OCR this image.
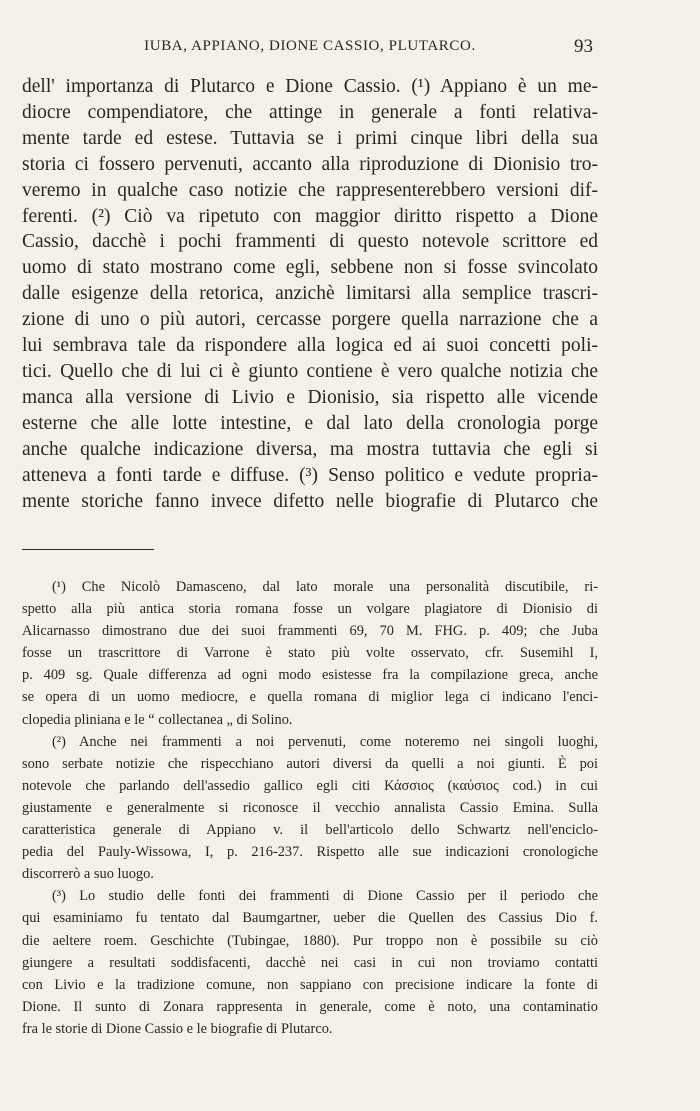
IUBA, APPIANO, DIONE CASSIO, PLUTARCO.	93
dell' importanza di Plutarco e Dione Cassio. (¹) Appiano è un me-
diocre compendiatore, che attinge in generale a fonti relativa-
mente tarde ed estese. Tuttavia se i primi cinque libri della sua
storia ci fossero pervenuti, accanto alla riproduzione di Dionisio tro-
veremo in qualche caso notizie che rappresenterebbero versioni dif-
ferenti. (²) Ciò va ripetuto con maggior diritto rispetto a Dione
Cassio, dacchè i pochi frammenti di questo notevole scrittore ed
uomo di stato mostrano come egli, sebbene non si fosse svincolato
dalle esigenze della retorica, anzichè limitarsi alla semplice trascri-
zione di uno o più autori, cercasse porgere quella narrazione che a
lui sembrava tale da rispondere alla logica ed ai suoi concetti poli-
tici. Quello che di lui ci è giunto contiene è vero qualche notizia che
manca alla versione di Livio e Dionisio, sia rispetto alle vicende
esterne che alle lotte intestine, e dal lato della cronologia porge
anche qualche indicazione diversa, ma mostra tuttavia che egli si
atteneva a fonti tarde e diffuse. (³) Senso politico e vedute propria-
mente storiche fanno invece difetto nelle biografie di Plutarco che
(¹) Che Nicolò Damasceno, dal lato morale una personalità discutibile, ri-
spetto alla più antica storia romana fosse un volgare plagiatore di Dionisio di
Alicarnasso dimostrano due dei suoi frammenti 69, 70 M. FHG. p. 409; che Juba
fosse un trascrittore di Varrone è stato più volte osservato, cfr. Susemihl I,
p. 409 sg. Quale differenza ad ogni modo esistesse fra la compilazione greca, anche
se opera di un uomo mediocre, e quella romana di miglior lega ci indicano l'enci-
clopedia pliniana e le “ collectanea „ di Solino.
(²) Anche nei frammenti a noi pervenuti, come noteremo nei singoli luoghi,
sono serbate notizie che rispecchiano autori diversi da quelli a noi giunti. È poi
notevole che parlando dell'assedio gallico egli citi Κάσσιος (καύσιος cod.) in cui
giustamente e generalmente si riconosce il vecchio annalista Cassio Emina. Sulla
caratteristica generale di Appiano v. il bell'articolo dello Schwartz nell'enciclo-
pedia del Pauly-Wissowa, I, p. 216-237. Rispetto alle sue indicazioni cronologiche
discorrerò a suo luogo.
(³) Lo studio delle fonti dei frammenti di Dione Cassio per il periodo che
qui esaminiamo fu tentato dal Baumgartner, ueber die Quellen des Cassius Dio f.
die aeltere roem. Geschichte (Tubingae, 1880). Pur troppo non è possibile su ciò
giungere a resultati soddisfacenti, dacchè nei casi in cui non troviamo contatti
con Livio e la tradizione comune, non sappiano con precisione indicare la fonte di
Dione. Il sunto di Zonara rappresenta in generale, come è noto, una contaminatio
fra le storie di Dione Cassio e le biografie di Plutarco.
